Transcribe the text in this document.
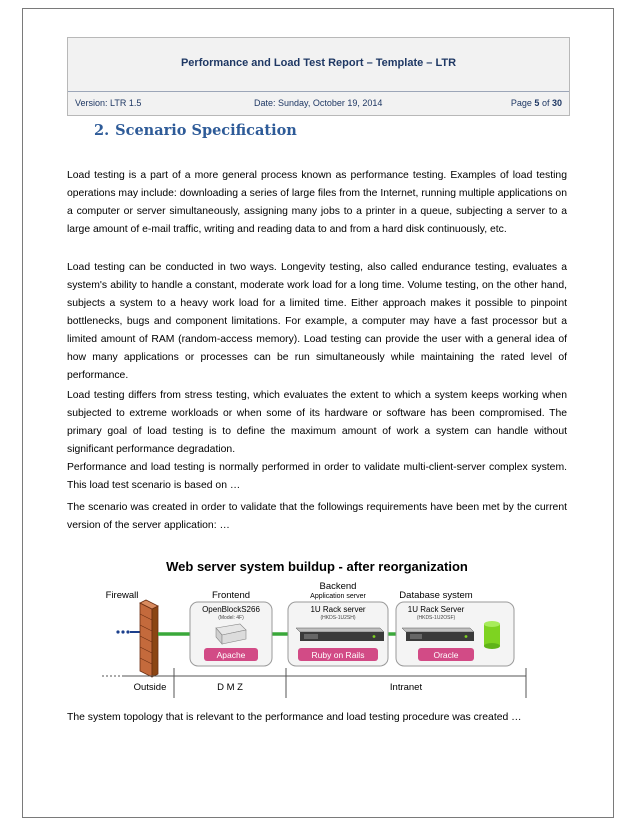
Performance and Load Test Report – Template – LTR
Version: LTR 1.5	Date: Sunday, October 19, 2014	Page 5 of 30
2. Scenario Specification
Load testing is a part of a more general process known as performance testing. Examples of load testing operations may include: downloading a series of large files from the Internet, running multiple applications on a computer or server simultaneously, assigning many jobs to a printer in a queue, subjecting a server to a large amount of e-mail traffic, writing and reading data to and from a hard disk continuously, etc.
Load testing can be conducted in two ways. Longevity testing, also called endurance testing, evaluates a system's ability to handle a constant, moderate work load for a long time. Volume testing, on the other hand, subjects a system to a heavy work load for a limited time. Either approach makes it possible to pinpoint bottlenecks, bugs and component limitations. For example, a computer may have a fast processor but a limited amount of RAM (random-access memory). Load testing can provide the user with a general idea of how many applications or processes can be run simultaneously while maintaining the rated level of performance.
Load testing differs from stress testing, which evaluates the extent to which a system keeps working when subjected to extreme workloads or when some of its hardware or software has been compromised. The primary goal of load testing is to define the maximum amount of work a system can handle without significant performance degradation.
Performance and load testing is normally performed in order to validate multi-client-server complex system. This load test scenario is based on …
The scenario was created in order to validate that the followings requirements have been met by the current version of the server application: …
Web server system buildup - after reorganization
Firewall	Frontend
Backend
Application server	Database system
OpenBlockS266
(Model: 4F)
Apache
1U Rack server
(HKDS-1U2SH)
Ruby on Rails
1U Rack Server
(HKDS-1U2OSF)
Oracle
Outside	D M Z	Intranet
The system topology that is relevant to the performance and load testing procedure was created …
